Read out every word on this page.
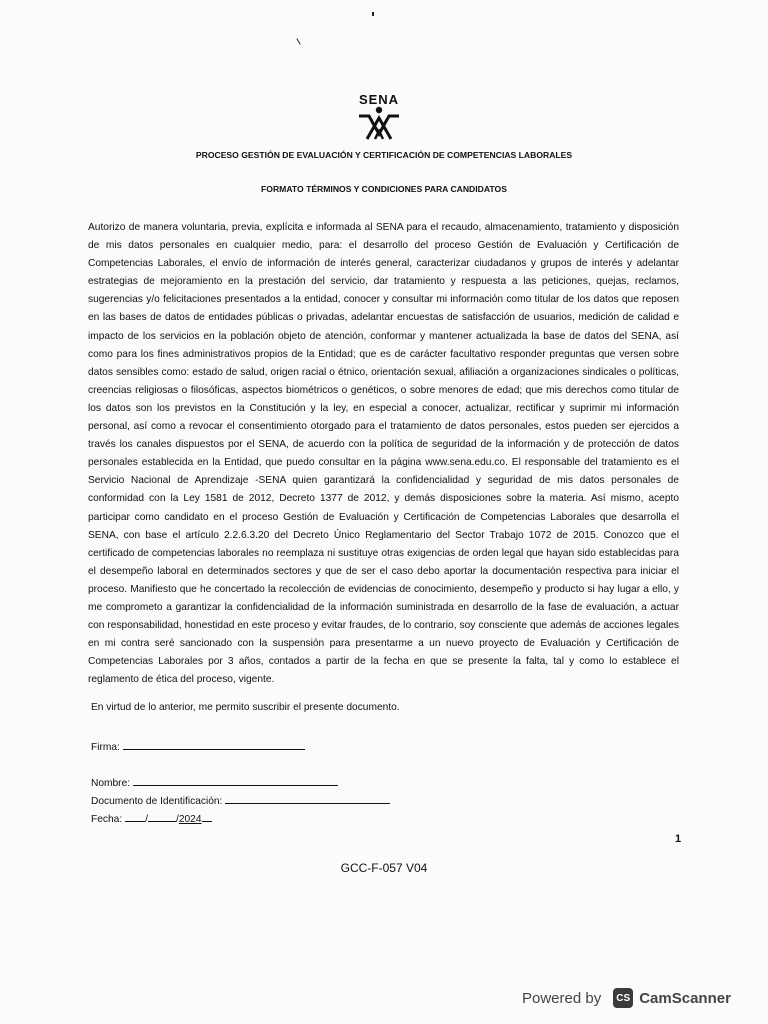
SENA
PROCESO GESTIÓN DE EVALUACIÓN Y CERTIFICACIÓN DE COMPETENCIAS LABORALES
FORMATO TÉRMINOS Y CONDICIONES PARA CANDIDATOS

Autorizo de manera voluntaria, previa, explícita e informada al SENA para el recaudo, almacenamiento, tratamiento y disposición de mis datos personales en cualquier medio, para: el desarrollo del proceso Gestión de Evaluación y Certificación de Competencias Laborales, el envío de información de interés general, caracterizar ciudadanos y grupos de interés y adelantar estrategias de mejoramiento en la prestación del servicio, dar tratamiento y respuesta a las peticiones, quejas, reclamos, sugerencias y/o felicitaciones presentados a la entidad, conocer y consultar mi información como titular de los datos que reposen en las bases de datos de entidades públicas o privadas, adelantar encuestas de satisfacción de usuarios, medición de calidad e impacto de los servicios en la población objeto de atención, conformar y mantener actualizada la base de datos del SENA, así como para los fines administrativos propios de la Entidad; que es de carácter facultativo responder preguntas que versen sobre datos sensibles como: estado de salud, origen racial o étnico, orientación sexual, afiliación a organizaciones sindicales o políticas, creencias religiosas o filosóficas, aspectos biométricos o genéticos, o sobre menores de edad; que mis derechos como titular de los datos son los previstos en la Constitución y la ley, en especial a conocer, actualizar, rectificar y suprimir mi información personal, así como a revocar el consentimiento otorgado para el tratamiento de datos personales, estos pueden ser ejercidos a través los canales dispuestos por el SENA, de acuerdo con la política de seguridad de la información y de protección de datos personales establecida en la Entidad, que puedo consultar en la página www.sena.edu.co. El responsable del tratamiento es el Servicio Nacional de Aprendizaje -SENA quien garantizará la confidencialidad y seguridad de mis datos personales de conformidad con la Ley 1581 de 2012, Decreto 1377 de 2012, y demás disposiciones sobre la materia. Así mismo, acepto participar como candidato en el proceso Gestión de Evaluación y Certificación de Competencias Laborales que desarrolla el SENA, con base el artículo 2.2.6.3.20 del Decreto Único Reglamentario del Sector Trabajo 1072 de 2015. Conozco que el certificado de competencias laborales no reemplaza ni sustituye otras exigencias de orden legal que hayan sido establecidas para el desempeño laboral en determinados sectores y que de ser el caso debo aportar la documentación respectiva para iniciar el proceso. Manifiesto que he concertado la recolección de evidencias de conocimiento, desempeño y producto si hay lugar a ello, y me comprometo a garantizar la confidencialidad de la información suministrada en desarrollo de la fase de evaluación, a actuar con responsabilidad, honestidad en este proceso y evitar fraudes, de lo contrario, soy consciente que además de acciones legales en mi contra seré sancionado con la suspensión para presentarme a un nuevo proyecto de Evaluación y Certificación de Competencias Laborales por 3 años, contados a partir de la fecha en que se presente la falta, tal y como lo establece el reglamento de ética del proceso, vigente.

En virtud de lo anterior, me permito suscribir el presente documento.
Firma:
Nombre:
Documento de Identificación:
Fecha: /	/2024
1
GCC-F-057 V04
Powered by	CS CamScanner
